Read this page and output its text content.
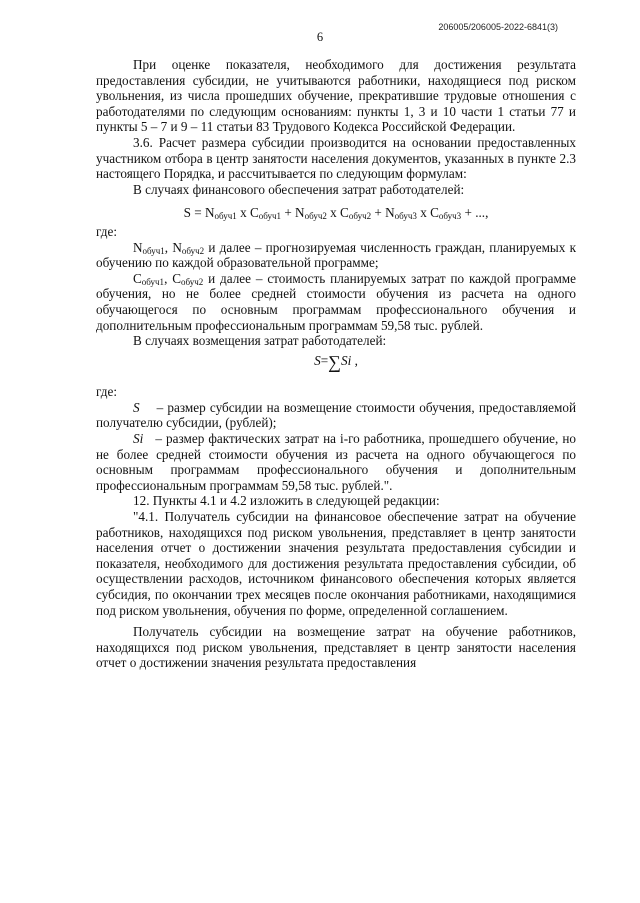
206005/206005-2022-6841(3)
6

При оценке показателя, необходимого для достижения результата предоставления субсидии, не учитываются работники, находящиеся под риском увольнения, из числа прошедших обучение, прекратившие трудовые отношения с работодателями по следующим основаниям: пункты 1, 3 и 10 части 1 статьи 77 и пункты 5 – 7 и 9 – 11 статьи 83 Трудового Кодекса Российской Федерации.

3.6. Расчет размера субсидии производится на основании предоставленных участником отбора в центр занятости населения документов, указанных в пункте 2.3 настоящего Порядка, и рассчитывается по следующим формулам:

В случаях финансового обеспечения затрат работодателей:

$S = N_{обуч1}$ x $C_{обуч1} + N_{обуч2}$ x $C_{обуч2} + N_{обуч3}$ x $C_{обуч3}$ + ...,

где:

$N_{обуч1}$, $N_{обуч2}$ и далее – прогнозируемая численность граждан, планируемых к обучению по каждой образовательной программе;

$C_{обуч1}$, $C_{обуч2}$ и далее – стоимость планируемых затрат по каждой программе обучения, но не более средней стоимости обучения из расчета на одного обучающегося по основным программам профессионального обучения и дополнительным профессиональным программам 59,58 тыс. рублей.

В случаях возмещения затрат работодателей:

S=∑Si ,

где:

S – размер субсидии на возмещение стоимости обучения, предоставляемой получателю субсидии, (рублей);

Si – размер фактических затрат на i-го работника, прошедшего обучение, но не более средней стоимости обучения из расчета на одного обучающегося по основным программам профессионального обучения и дополнительным профессиональным программам 59,58 тыс. рублей.".

12. Пункты 4.1 и 4.2 изложить в следующей редакции:

"4.1. Получатель субсидии на финансовое обеспечение затрат на обучение работников, находящихся под риском увольнения, представляет в центр занятости населения отчет о достижении значения результата предоставления субсидии и показателя, необходимого для достижения результата предоставления субсидии, об осуществлении расходов, источником финансового обеспечения которых является субсидия, по окончании трех месяцев после окончания работниками, находящимися под риском увольнения, обучения по форме, определенной соглашением.

Получатель субсидии на возмещение затрат на обучение работников, находящихся под риском увольнения, представляет в центр занятости населения отчет о достижении значения результата предоставления
